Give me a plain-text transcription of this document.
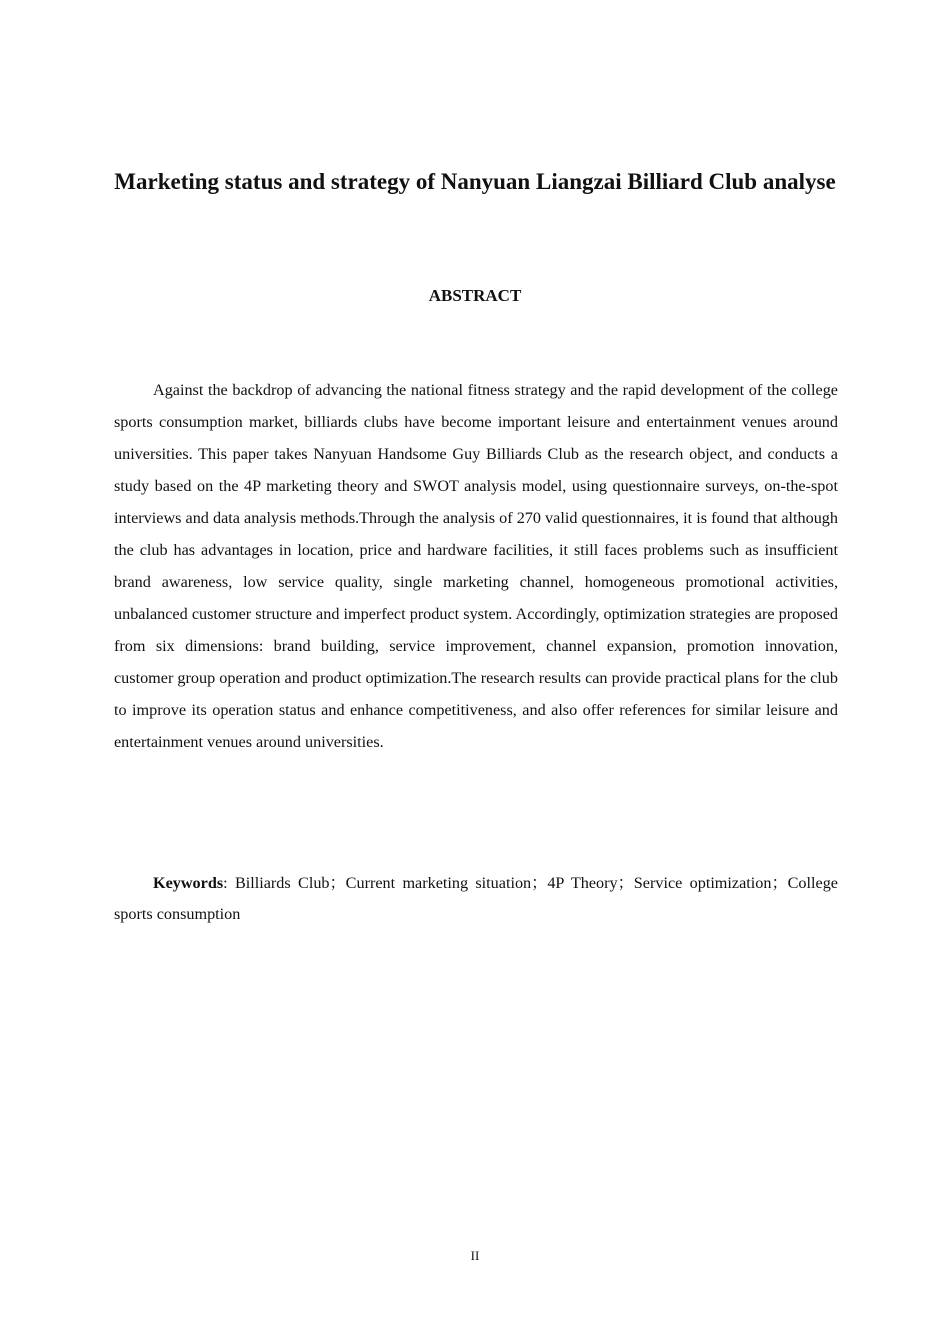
Marketing status and strategy of Nanyuan Liangzai Billiard Club analyse
ABSTRACT

Against the backdrop of advancing the national fitness strategy and the rapid development of the college sports consumption market, billiards clubs have become important leisure and entertainment venues around universities. This paper takes Nanyuan Handsome Guy Billiards Club as the research object, and conducts a study based on the 4P marketing theory and SWOT analysis model, using questionnaire surveys, on-the-spot interviews and data analysis methods.Through the analysis of 270 valid questionnaires, it is found that although the club has advantages in location, price and hardware facilities, it still faces problems such as insufficient brand awareness, low service quality, single marketing channel, homogeneous promotional activities, unbalanced customer structure and imperfect product system. Accordingly, optimization strategies are proposed from six dimensions: brand building, service improvement, channel expansion, promotion innovation, customer group operation and product optimization.The research results can provide practical plans for the club to improve its operation status and enhance competitiveness, and also offer references for similar leisure and entertainment venues around universities.

Keywords: Billiards Club；Current marketing situation；4P Theory；Service optimization；College sports consumption

II
